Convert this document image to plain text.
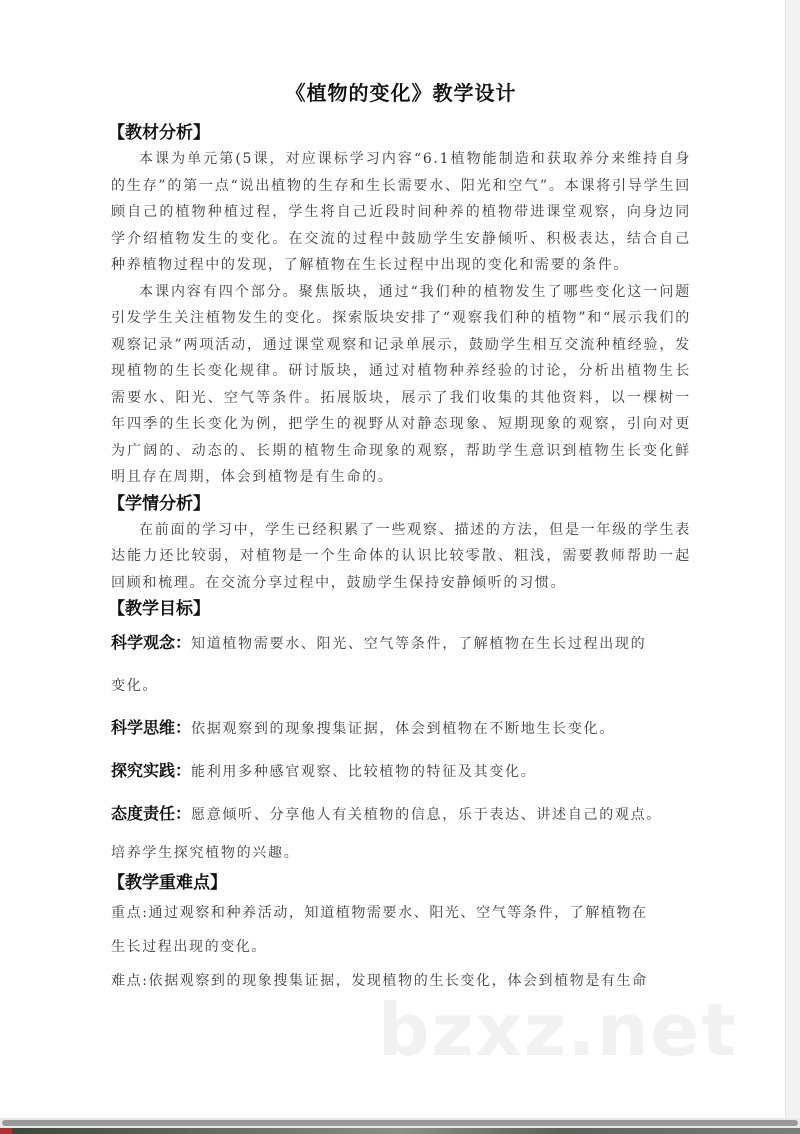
《植物的变化》教学设计
【教材分析】

本课为单元第(5课，对应课标学习内容“6.1植物能制造和获取养分来维持自身的生存”的第一点“说出植物的生存和生长需要水、阳光和空气”。本课将引导学生回顾自己的植物种植过程，学生将自己近段时间种养的植物带进课堂观察，向身边同学介绍植物发生的变化。在交流的过程中鼓励学生安静倾听、积极表达，结合自己种养植物过程中的发现，了解植物在生长过程中出现的变化和需要的条件。

本课内容有四个部分。聚焦版块，通过“我们种的植物发生了哪些变化这一问题引发学生关注植物发生的变化。探索版块安排了“观察我们种的植物”和“展示我们的观察记录”两项活动，通过课堂观察和记录单展示，鼓励学生相互交流种植经验，发现植物的生长变化规律。研讨版块，通过对植物种养经验的讨论，分析出植物生长需要水、阳光、空气等条件。拓展版块，展示了我们收集的其他资料，以一棵树一年四季的生长变化为例，把学生的视野从对静态现象、短期现象的观察，引向对更为广阔的、动态的、长期的植物生命现象的观察，帮助学生意识到植物生长变化鲜明且存在周期，体会到植物是有生命的。

【学情分析】

在前面的学习中，学生已经积累了一些观察、描述的方法，但是一年级的学生表达能力还比较弱，对植物是一个生命体的认识比较零散、粗浅，需要教师帮助一起回顾和梳理。在交流分享过程中，鼓励学生保持安静倾听的习惯。

【教学目标】

科学观念：知道植物需要水、阳光、空气等条件，了解植物在生长过程出现的

变化。

科学思维：依据观察到的现象搜集证据，体会到植物在不断地生长变化。

探究实践：能利用多种感官观察、比较植物的特征及其变化。

态度责任：愿意倾听、分享他人有关植物的信息，乐于表达、讲述自己的观点。

培养学生探究植物的兴趣。

【教学重难点】

重点:通过观察和种养活动，知道植物需要水、阳光、空气等条件，了解植物在

生长过程出现的变化。

难点:依据观察到的现象搜集证据，发现植物的生长变化，体会到植物是有生命

bzxz.net
